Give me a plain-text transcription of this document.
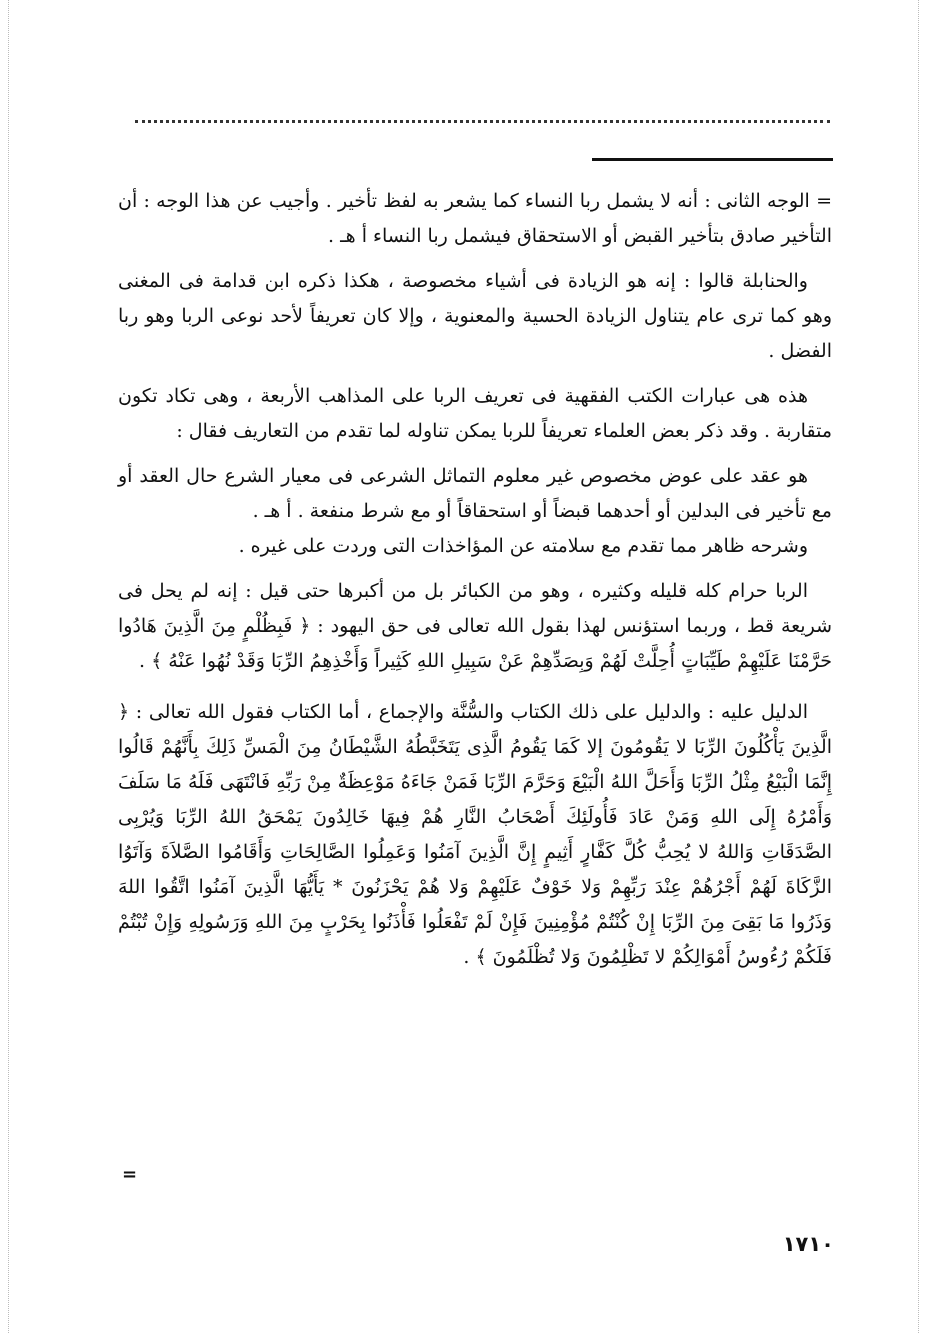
= الوجه الثانى : أنه لا يشمل ربا النساء كما يشعر به لفظ تأخير . وأجيب عن هذا الوجه : أن التأخير صادق بتأخير القبض أو الاستحقاق فيشمل ربا النساء أ هـ .

والحنابلة قالوا : إنه هو الزيادة فى أشياء مخصوصة ، هكذا ذكره ابن قدامة فى المغنى وهو كما ترى عام يتناول الزيادة الحسية والمعنوية ، وإلا كان تعريفاً لأحد نوعى الربا وهو ربا الفضل .

هذه هى عبارات الكتب الفقهية فى تعريف الربا على المذاهب الأربعة ، وهى تكاد تكون متقاربة . وقد ذكر بعض العلماء تعريفاً للربا يمكن تناوله لما تقدم من التعاريف فقال :

هو عقد على عوض مخصوص غير معلوم التماثل الشرعى فى معيار الشرع حال العقد أو مع تأخير فى البدلين أو أحدهما قبضاً أو استحقاقاً أو مع شرط منفعة . أ هـ .

وشرحه ظاهر مما تقدم مع سلامته عن المؤاخذات التى وردت على غيره .

الربا حرام كله قليله وكثيره ، وهو من الكبائر بل من أكبرها حتى قيل : إنه لم يحل فى شريعة قط ، وربما استؤنس لهذا بقول الله تعالى فى حق اليهود : ﴿ فَبِظُلْمٍ مِنَ الَّذِينَ هَادُوا حَرَّمْنَا عَلَيْهِمْ طَيِّبَاتٍ أُحِلَّتْ لَهُمْ وَبِصَدِّهِمْ عَنْ سَبِيلِ اللهِ كَثِيراً وَأَخْذِهِمُ الرِّبَا وَقَدْ نُهُوا عَنْهُ ﴾ .

الدليل عليه : والدليل على ذلك الكتاب والسُّنَّة والإجماع ، أما الكتاب فقول الله تعالى : ﴿ الَّذِينَ يَأْكُلُونَ الرِّبَا لا يَقُومُونَ إلا كَمَا يَقُومُ الَّذِى يَتَخَبَّطُهُ الشَّيْطَانُ مِنَ الْمَسِّ ذَلِكَ بِأَنَّهُمْ قَالُوا إِنَّمَا الْبَيْعُ مِثْلُ الرِّبَا وَأَحَلَّ اللهُ الْبَيْعَ وَحَرَّمَ الرِّبَا فَمَنْ جَاءَهُ مَوْعِظَةٌ مِنْ رَبِّهِ فَانْتَهَى فَلَهُ مَا سَلَفَ وَأَمْرُهُ إِلَى اللهِ وَمَنْ عَادَ فَأُولَئِكَ أَصْحَابُ النَّارِ هُمْ فِيهَا خَالِدُونَ يَمْحَقُ اللهُ الرِّبَا وَيُرْبِى الصَّدَقَاتِ وَاللهُ لا يُحِبُّ كُلَّ كَفَّارٍ أَثِيمٍ إِنَّ الَّذِينَ آمَنُوا وَعَمِلُوا الصَّالِحَاتِ وَأَقَامُوا الصَّلاَةَ وَآتَوُا الزَّكَاةَ لَهُمْ أَجْرُهُمْ عِنْدَ رَبِّهِمْ وَلا خَوْفٌ عَلَيْهِمْ وَلا هُمْ يَحْزَنُونَ * يَأَيُّهَا الَّذِينَ آمَنُوا اتَّقُوا اللهَ وَذَرُوا مَا بَقِىَ مِنَ الرِّبَا إِنْ كُنْتُمْ مُؤْمِنِينَ فَإِنْ لَمْ تَفْعَلُوا فَأْذَنُوا بِحَرْبٍ مِنَ اللهِ وَرَسُولِهِ وَإِنْ تُبْتُمْ فَلَكُمْ رُءُوسُ أَمْوَالِكُمْ لا تَظْلِمُونَ وَلا تُظْلَمُونَ ﴾ .

=
١٧١٠
